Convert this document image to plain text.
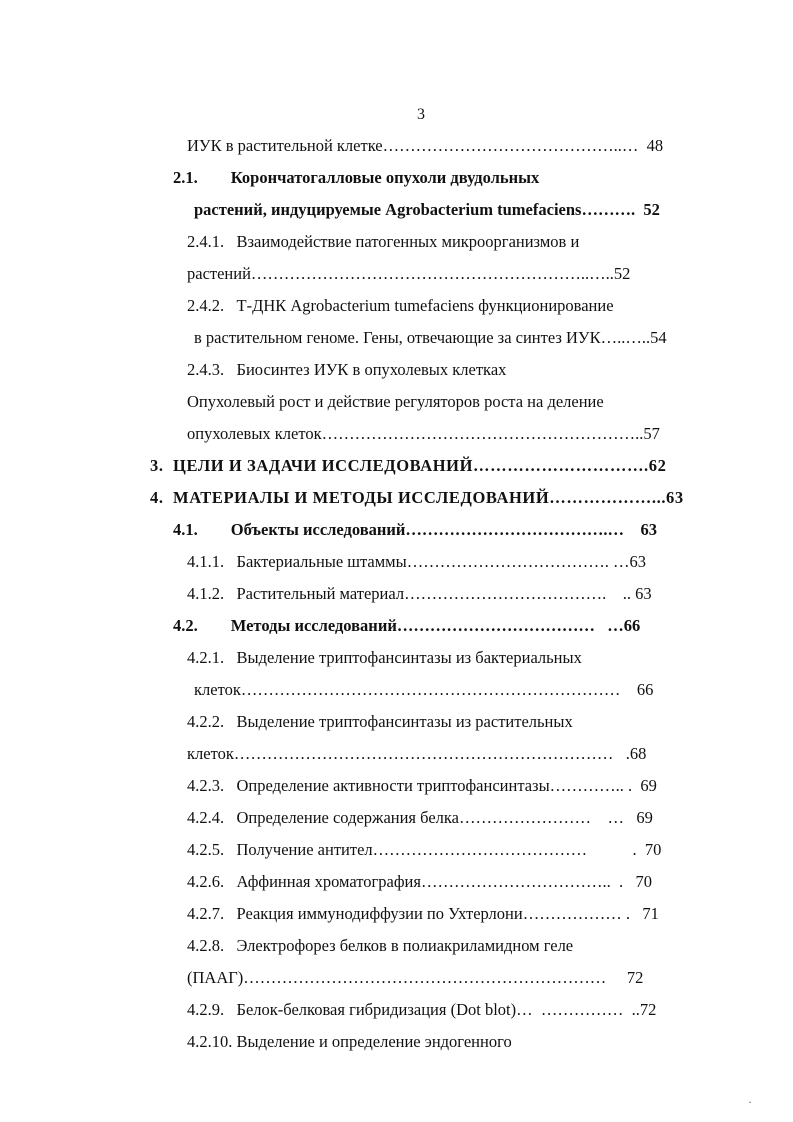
3
ИУК в растительной клетке……………………………………..…  48
2.1.        Корончатогалловые опухоли двудольных
растений, индуцируемые Agrobacterium tumefaciens……….  52
2.4.1.   Взаимодействие патогенных микроорганизмов и
растений……………………………………………………..…..52
2.4.2.   Т-ДНК Agrobacterium tumefaciens функционирование
в растительном геноме. Гены, отвечающие за синтез ИУК…..…..54
2.4.3.   Биосинтез ИУК в опухолевых клетках
Опухолевый рост и действие регуляторов роста на деление
опухолевых клеток…………………………………………………..57
3.  ЦЕЛИ И ЗАДАЧИ ИССЛЕДОВАНИЙ………………………….62
4.  МАТЕРИАЛЫ И МЕТОДЫ ИССЛЕДОВАНИЙ………………...63
4.1.        Объекты исследований……………………………….…    63
4.1.1.   Бактериальные штаммы………………………………. …63
4.1.2.   Растительный материал……………………………….    .. 63
4.2.        Методы исследований………………………………   …66
4.2.1.   Выделение триптофансинтазы из бактериальных
клеток……………………………………………………………    66
4.2.2.   Выделение триптофансинтазы из растительных
клеток……………………………………………………………   .68
4.2.3.   Определение активности триптофансинтазы………….. .  69
4.2.4.   Определение содержания белка……………………    …   69
4.2.5.   Получение антител…………………………………           .  70
4.2.6.   Аффинная хроматография……………………………..  .   70
4.2.7.   Реакция иммунодиффузии по Ухтерлони……………… .   71
4.2.8.   Электрофорез белков в полиакриламидном геле
(ПААГ)…………………………………………………………     72
4.2.9.   Белок-белковая гибридизация (Dot blot)…  ……………  ..72
4.2.10. Выделение и определение эндогенного
·
